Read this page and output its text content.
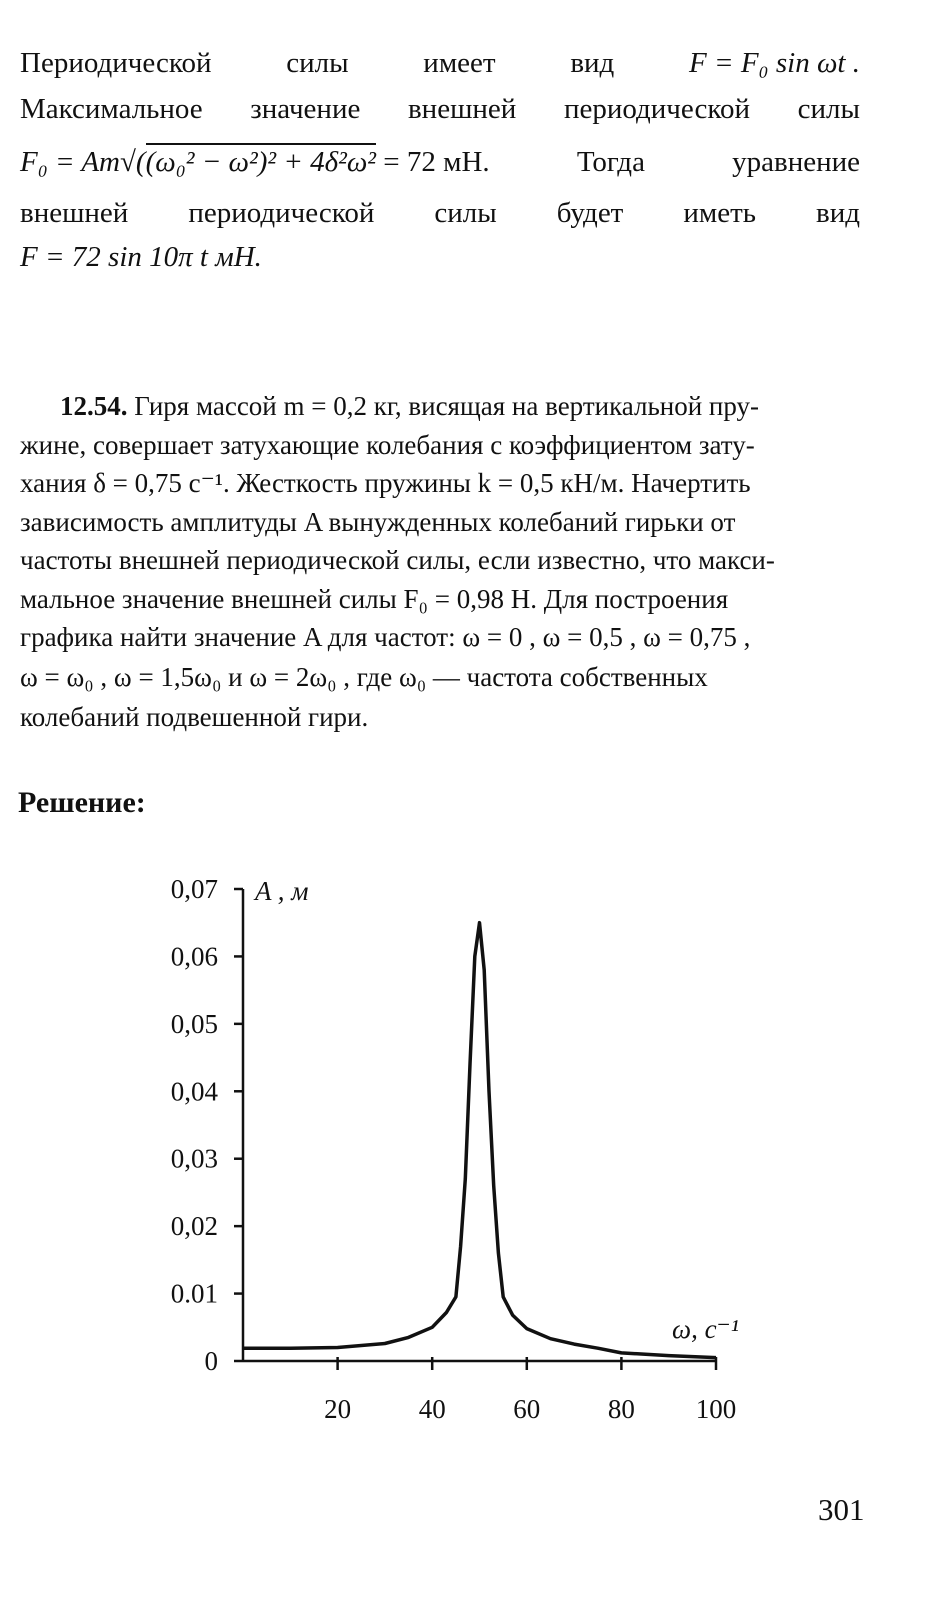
Периодической	силы	имеет	вид	F = F₀ sin ωt .
Максимальное значение внешней периодической силы
F₀ = Am√((ω₀² − ω²)² + 4δ²ω² = 72 мН.	Тогда	уравнение
внешней периодической силы будет иметь вид
F = 72 sin 10π t мН.
12.54. Гиря массой m = 0,2 кг, висящая на вертикальной пру-
жине, совершает затухающие колебания с коэффициентом зату-
хания δ = 0,75 с⁻¹. Жесткость пружины k = 0,5 кН/м. Начертить
зависимость амплитуды A вынужденных колебаний гирьки от
частоты внешней периодической силы, если известно, что макси-
мальное значение внешней силы F₀ = 0,98 Н. Для построения
графика найти значение A для частот: ω = 0 , ω = 0,5 , ω = 0,75 ,
ω = ω₀ , ω = 1,5ω₀ и ω = 2ω₀ , где ω₀ — частота собственных
колебаний подвешенной гири.
Решение:
0
0.01
0,02
0,03
0,04
0,05
0,06
0,07
20	40	60	80 100
A , м
ω, с⁻¹
301
